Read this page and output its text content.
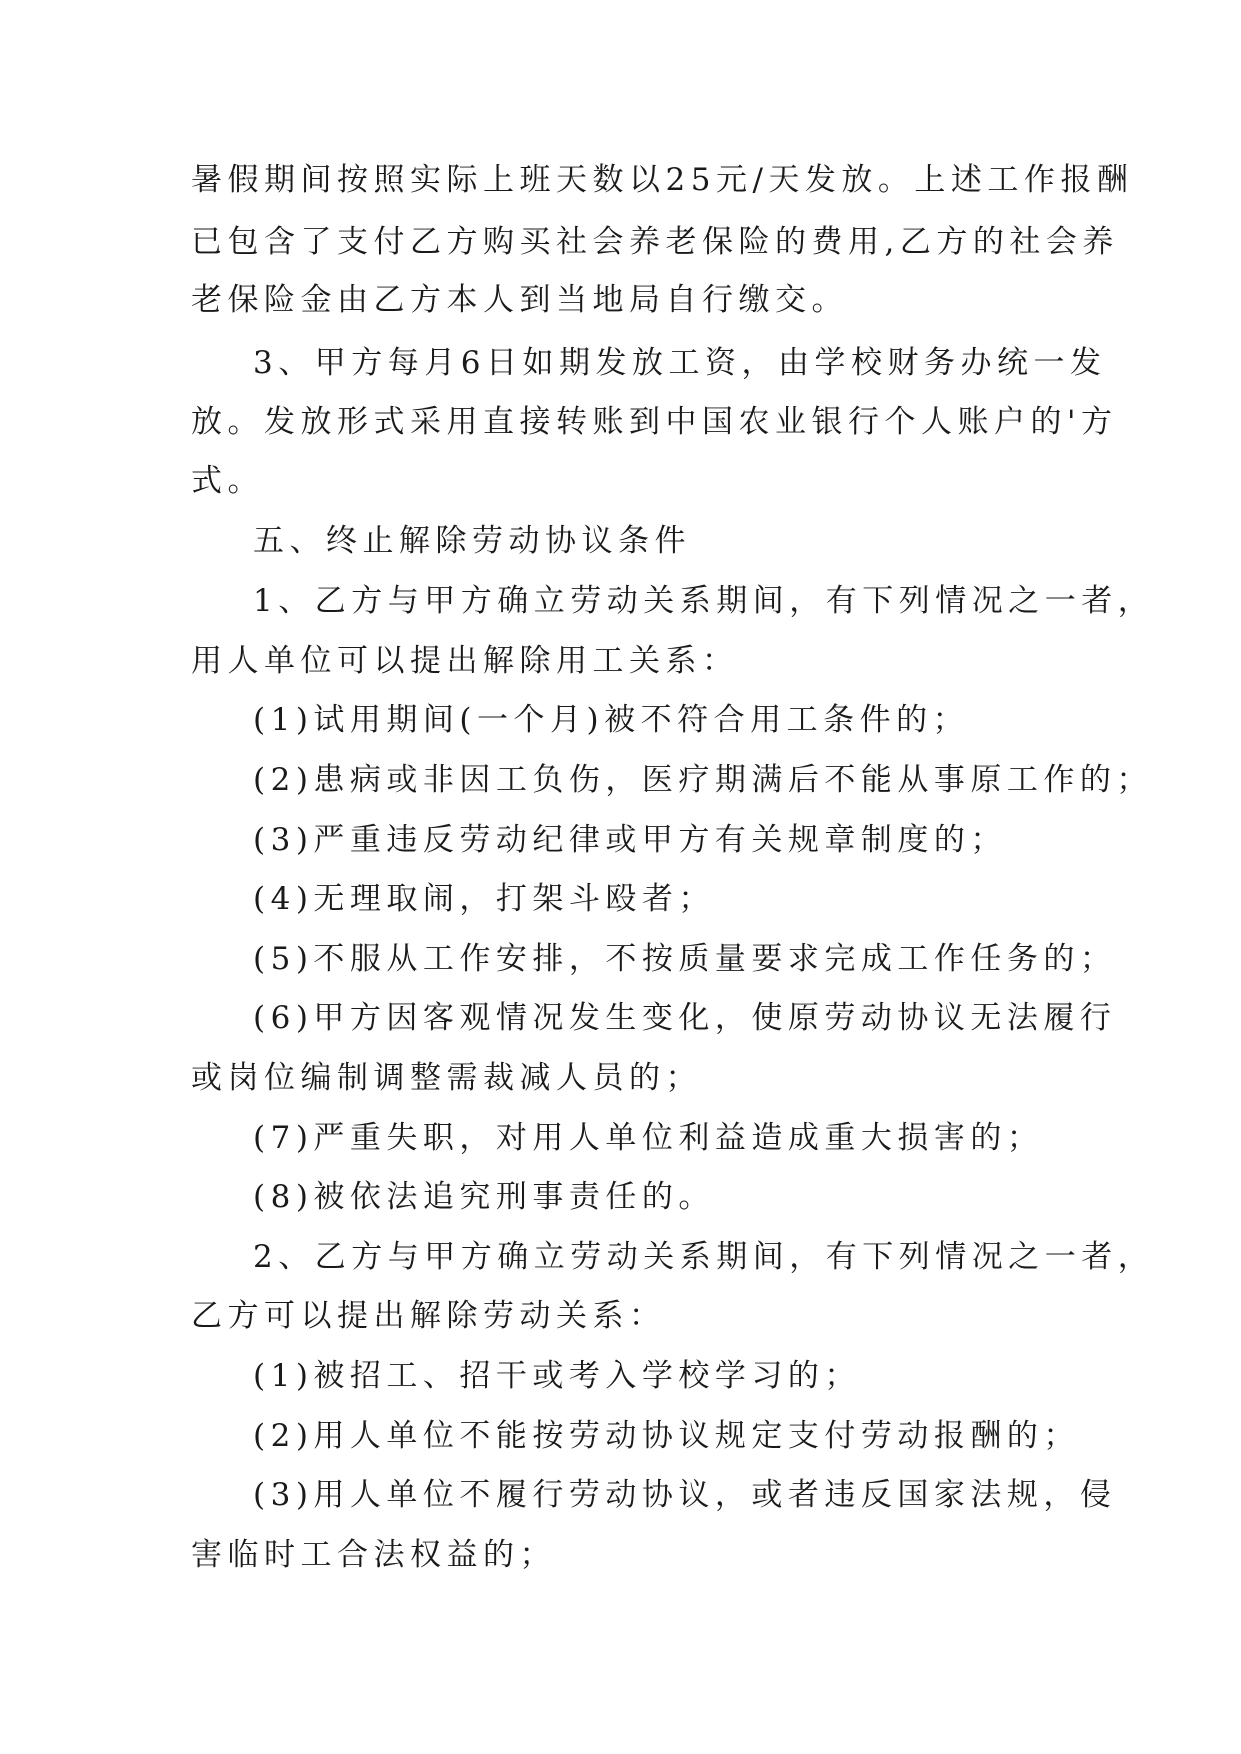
暑假期间按照实际上班天数以25元/天发放。上述工作报酬
已包含了支付乙方购买社会养老保险的费用,乙方的社会养
老保险金由乙方本人到当地局自行缴交。
3、甲方每月6日如期发放工资，由学校财务办统一发
放。发放形式采用直接转账到中国农业银行个人账户的'方
式。
五、终止解除劳动协议条件
1、乙方与甲方确立劳动关系期间，有下列情况之一者，
用人单位可以提出解除用工关系：
(1)试用期间(一个月)被不符合用工条件的；
(2)患病或非因工负伤，医疗期满后不能从事原工作的；
(3)严重违反劳动纪律或甲方有关规章制度的；
(4)无理取闹，打架斗殴者；
(5)不服从工作安排，不按质量要求完成工作任务的；
(6)甲方因客观情况发生变化，使原劳动协议无法履行
或岗位编制调整需裁减人员的；
(7)严重失职，对用人单位利益造成重大损害的；
(8)被依法追究刑事责任的。
2、乙方与甲方确立劳动关系期间，有下列情况之一者，
乙方可以提出解除劳动关系：
(1)被招工、招干或考入学校学习的；
(2)用人单位不能按劳动协议规定支付劳动报酬的；
(3)用人单位不履行劳动协议，或者违反国家法规，侵
害临时工合法权益的；
